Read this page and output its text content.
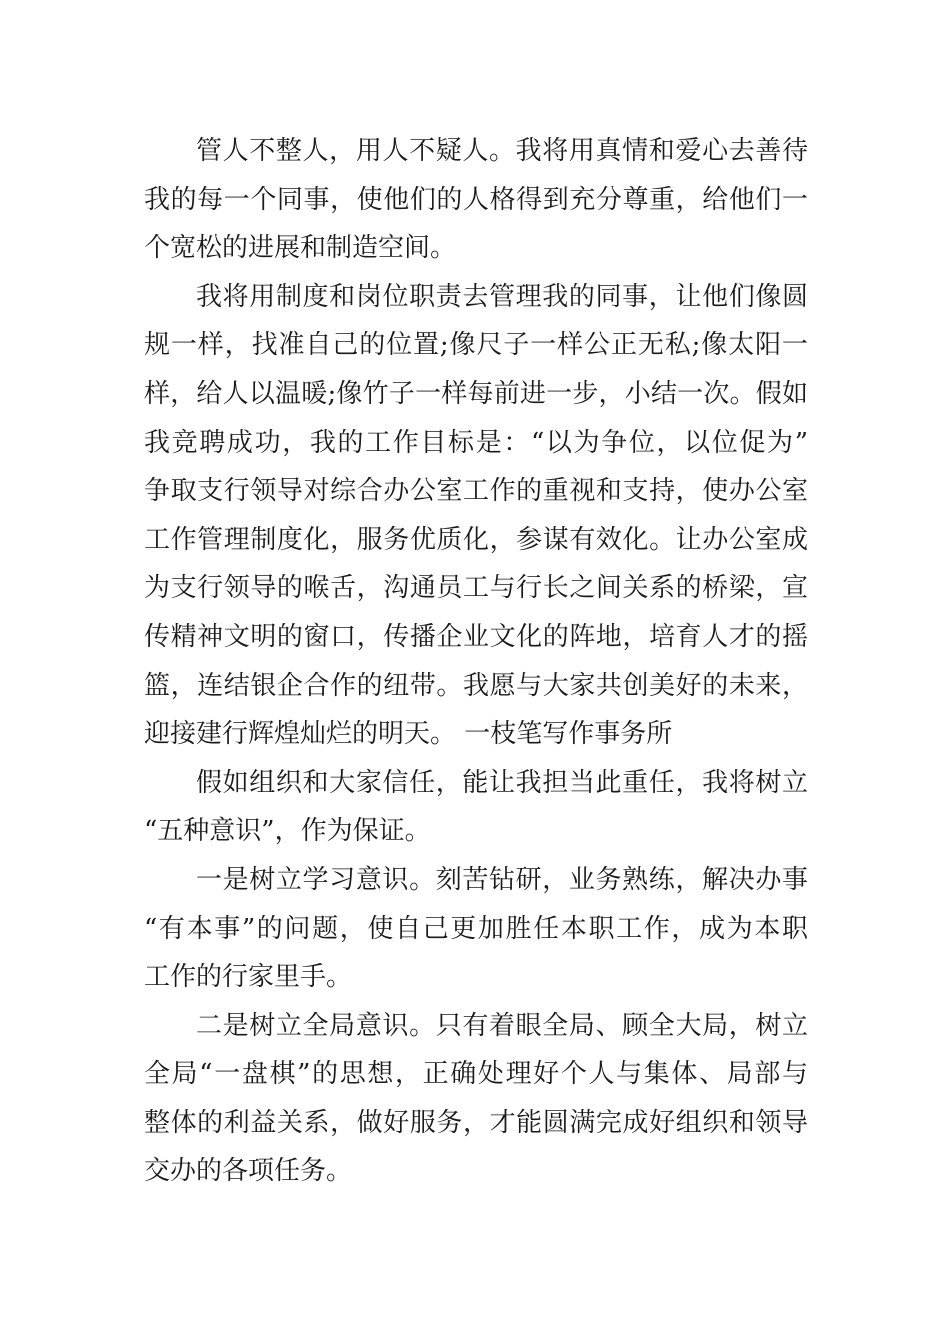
管人不整人，用人不疑人。我将用真情和爱心去善待
我的每一个同事，使他们的人格得到充分尊重，给他们一
个宽松的进展和制造空间。

我将用制度和岗位职责去管理我的同事，让他们像圆
规一样，找准自己的位置;像尺子一样公正无私;像太阳一
样，给人以温暖;像竹子一样每前进一步，小结一次。假如
我竞聘成功，我的工作目标是：“以为争位，以位促为”
争取支行领导对综合办公室工作的重视和支持，使办公室
工作管理制度化，服务优质化，参谋有效化。让办公室成
为支行领导的喉舌，沟通员工与行长之间关系的桥梁，宣
传精神文明的窗口，传播企业文化的阵地，培育人才的摇
篮，连结银企合作的纽带。我愿与大家共创美好的未来，
迎接建行辉煌灿烂的明天。 一枝笔写作事务所

假如组织和大家信任，能让我担当此重任，我将树立
“五种意识”，作为保证。

一是树立学习意识。刻苦钻研，业务熟练，解决办事
“有本事”的问题，使自己更加胜任本职工作，成为本职
工作的行家里手。

二是树立全局意识。只有着眼全局、顾全大局，树立
全局“一盘棋”的思想，正确处理好个人与集体、局部与
整体的利益关系，做好服务，才能圆满完成好组织和领导
交办的各项任务。
